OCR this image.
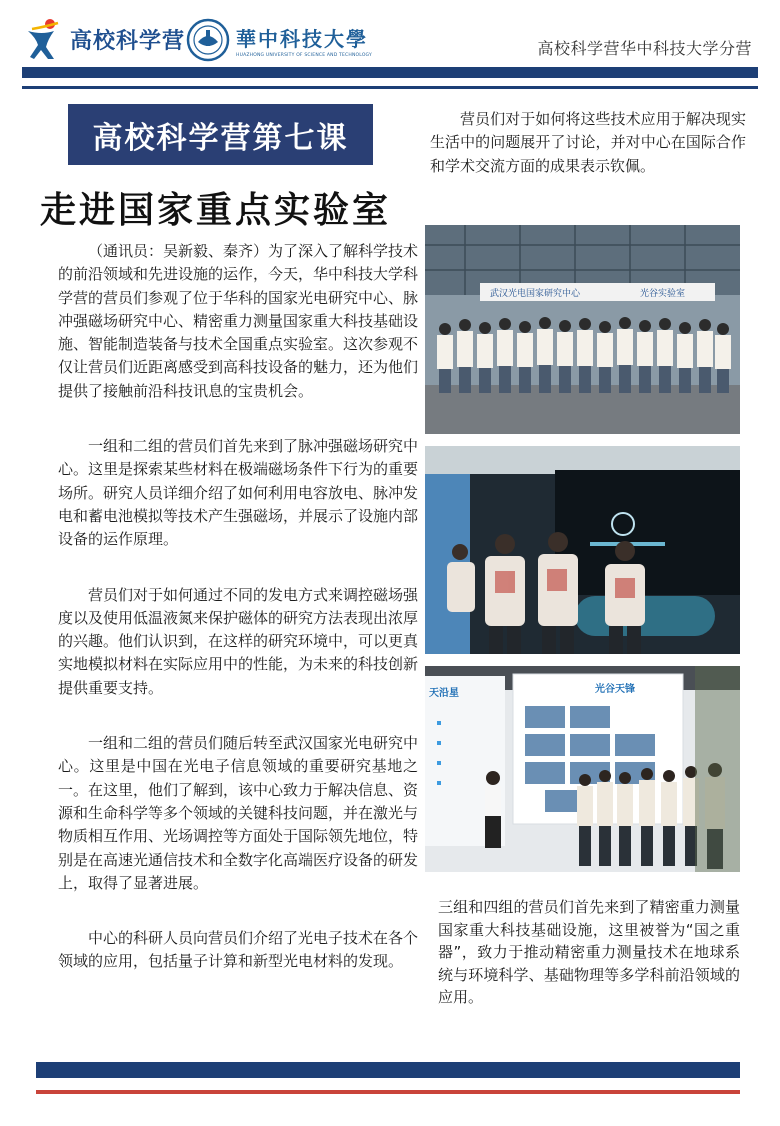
高校科学营	華中科技大學
HUAZHONG UNIVERSITY OF SCIENCE AND TECHNOLOGY	高校科学营华中科技大学分营
高校科学营第七课
走进国家重点实验室

（通讯员：吴新毅、秦齐）为了深入了解科学技术的前沿领域和先进设施的运作，今天，华中科技大学科学营的营员们参观了位于华科的国家光电研究中心、脉冲强磁场研究中心、精密重力测量国家重大科技基础设施、智能制造装备与技术全国重点实验室。这次参观不仅让营员们近距离感受到高科技设备的魅力，还为他们提供了接触前沿科技讯息的宝贵机会。

一组和二组的营员们首先来到了脉冲强磁场研究中心。这里是探索某些材料在极端磁场条件下行为的重要场所。研究人员详细介绍了如何利用电容放电、脉冲发电和蓄电池模拟等技术产生强磁场，并展示了设施内部设备的运作原理。

营员们对于如何通过不同的发电方式来调控磁场强度以及使用低温液氮来保护磁体的研究方法表现出浓厚的兴趣。他们认识到，在这样的研究环境中，可以更真实地模拟材料在实际应用中的性能，为未来的科技创新提供重要支持。

一组和二组的营员们随后转至武汉国家光电研究中心。这里是中国在光电子信息领域的重要研究基地之一。在这里，他们了解到，该中心致力于解决信息、资源和生命科学等多个领域的关键科技问题，并在激光与物质相互作用、光场调控等方面处于国际领先地位，特别是在高速光通信技术和全数字化高端医疗设备的研发上，取得了显著进展。

中心的科研人员向营员们介绍了光电子技术在各个领域的应用，包括量子计算和新型光电材料的发现。

营员们对于如何将这些技术应用于解决现实生活中的问题展开了讨论，并对中心在国际合作和学术交流方面的成果表示钦佩。

武汉光电国家研究中心	光谷实验室
天沿星	光谷天锋

三组和四组的营员们首先来到了精密重力测量国家重大科技基础设施，这里被誉为“国之重器”，致力于推动精密重力测量技术在地球系统与环境科学、基础物理等多学科前沿领域的应用。
